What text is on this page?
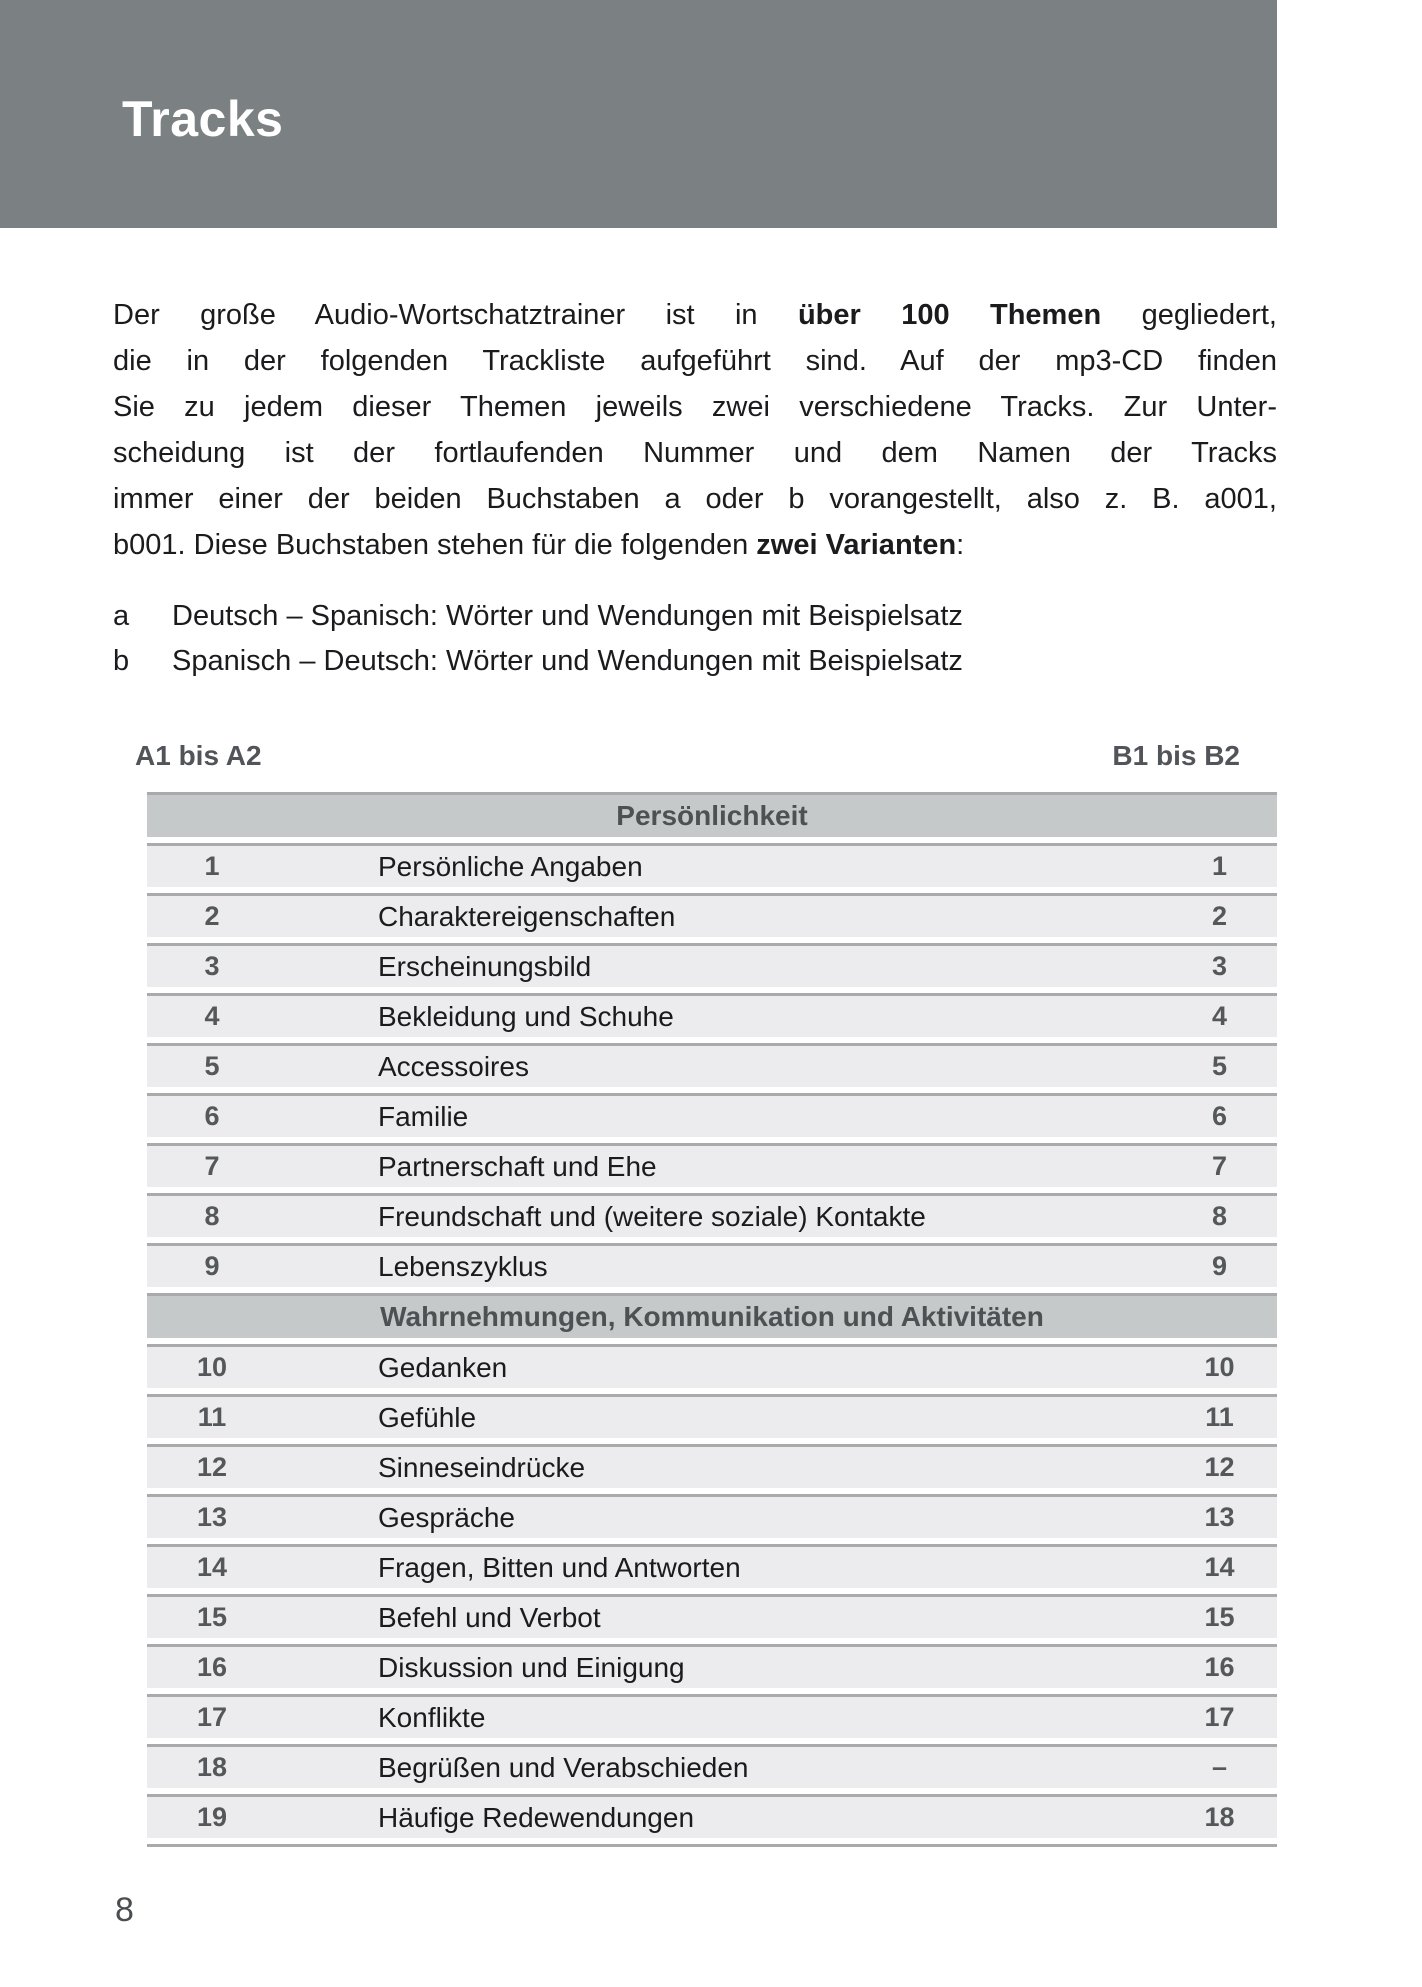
Tracks
Der große Audio-Wortschatztrainer ist in über 100 Themen gegliedert,
die in der folgenden Trackliste aufgeführt sind. Auf der mp3-CD finden
Sie zu jedem dieser Themen jeweils zwei verschiedene Tracks. Zur Unter-
scheidung ist der fortlaufenden Nummer und dem Namen der Tracks
immer einer der beiden Buchstaben a oder b vorangestellt, also z. B. a001,
b001. Diese Buchstaben stehen für die folgenden zwei Varianten:
a	Deutsch – Spanisch: Wörter und Wendungen mit Beispielsatz
b	Spanisch – Deutsch: Wörter und Wendungen mit Beispielsatz
A1 bis A2	B1 bis B2
Persönlichkeit
1	Persönliche Angaben	1
2	Charaktereigenschaften	2
3	Erscheinungsbild	3
4	Bekleidung und Schuhe	4
5	Accessoires	5
6	Familie	6
7	Partnerschaft und Ehe	7
8	Freundschaft und (weitere soziale) Kontakte	8
9	Lebenszyklus	9
Wahrnehmungen, Kommunikation und Aktivitäten
10	Gedanken	10
11	Gefühle	11
12	Sinneseindrücke	12
13	Gespräche	13
14	Fragen, Bitten und Antworten	14
15	Befehl und Verbot	15
16	Diskussion und Einigung	16
17	Konflikte	17
18	Begrüßen und Verabschieden	–
19	Häufige Redewendungen	18
8
